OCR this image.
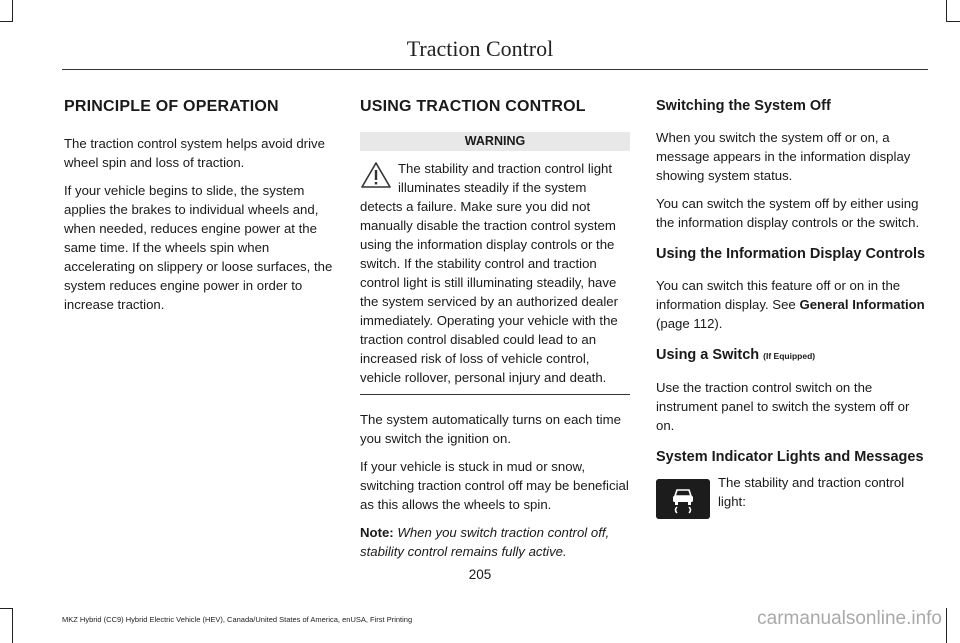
Traction Control
PRINCIPLE OF OPERATION

The traction control system helps avoid drive wheel spin and loss of traction.

If your vehicle begins to slide, the system applies the brakes to individual wheels and, when needed, reduces engine power at the same time. If the wheels spin when accelerating on slippery or loose surfaces, the system reduces engine power in order to increase traction.

USING TRACTION CONTROL
WARNING

The stability and traction control light illuminates steadily if the system detects a failure. Make sure you did not manually disable the traction control system using the information display controls or the switch. If the stability control and traction control light is still illuminating steadily, have the system serviced by an authorized dealer immediately. Operating your vehicle with the traction control disabled could lead to an increased risk of loss of vehicle control, vehicle rollover, personal injury and death.

The system automatically turns on each time you switch the ignition on.

If your vehicle is stuck in mud or snow, switching traction control off may be beneficial as this allows the wheels to spin.

Note: When you switch traction control off, stability control remains fully active.

Switching the System Off

When you switch the system off or on, a message appears in the information display showing system status.

You can switch the system off by either using the information display controls or the switch.

Using the Information Display Controls

You can switch this feature off or on in the information display. See General Information (page 112).

Using a Switch (If Equipped)

Use the traction control switch on the instrument panel to switch the system off or on.

System Indicator Lights and Messages

The stability and traction control light:

205
MKZ Hybrid (CC9) Hybrid Electric Vehicle (HEV), Canada/United States of America, enUSA, First Printing	carmanualsonline.info
